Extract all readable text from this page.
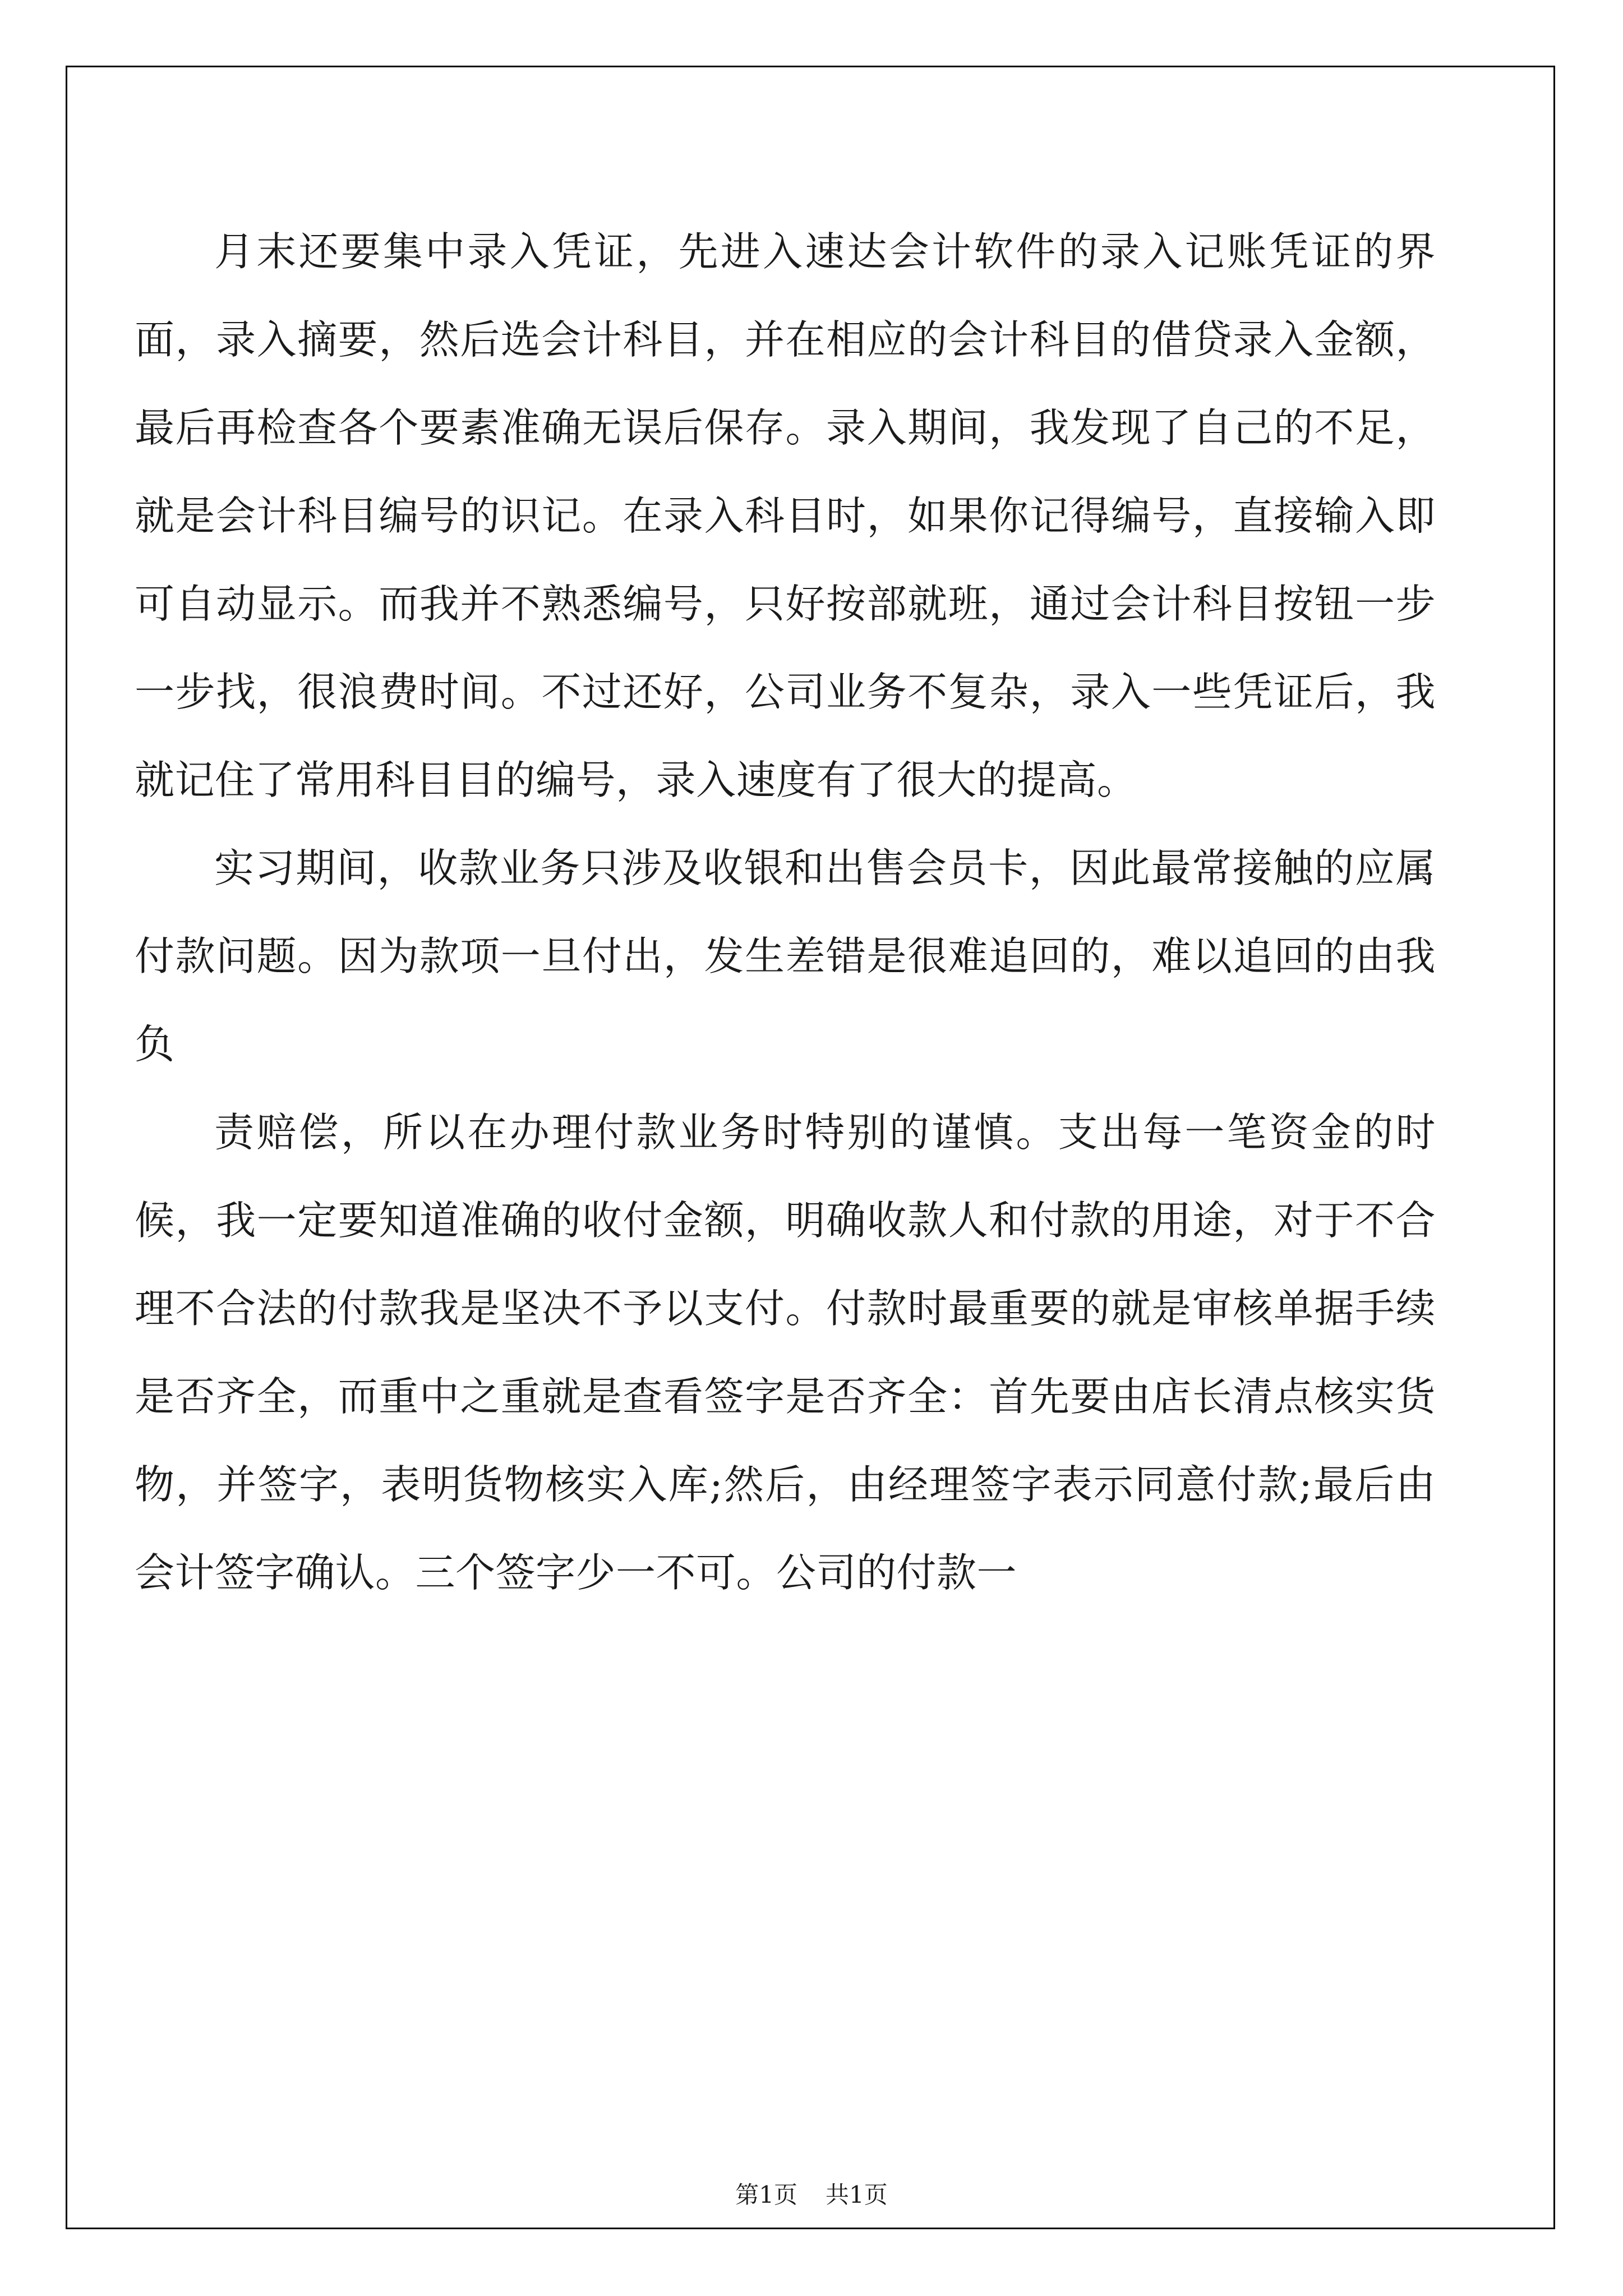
月末还要集中录入凭证，先进入速达会计软件的录入记账凭证的界面，录入摘要，然后选会计科目，并在相应的会计科目的借贷录入金额，最后再检查各个要素准确无误后保存。录入期间，我发现了自己的不足，就是会计科目编号的识记。在录入科目时，如果你记得编号，直接输入即可自动显示。而我并不熟悉编号，只好按部就班，通过会计科目按钮一步一步找，很浪费时间。不过还好，公司业务不复杂，录入一些凭证后，我就记住了常用科目目的编号，录入速度有了很大的提高。

实习期间，收款业务只涉及收银和出售会员卡，因此最常接触的应属付款问题。因为款项一旦付出，发生差错是很难追回的，难以追回的由我负

责赔偿，所以在办理付款业务时特别的谨慎。支出每一笔资金的时候，我一定要知道准确的收付金额，明确收款人和付款的用途，对于不合理不合法的付款我是坚决不予以支付。付款时最重要的就是审核单据手续是否齐全，而重中之重就是查看签字是否齐全：首先要由店长清点核实货物，并签字，表明货物核实入库;然后，由经理签字表示同意付款;最后由会计签字确认。三个签字少一不可。公司的付款一

第1页 共1页
